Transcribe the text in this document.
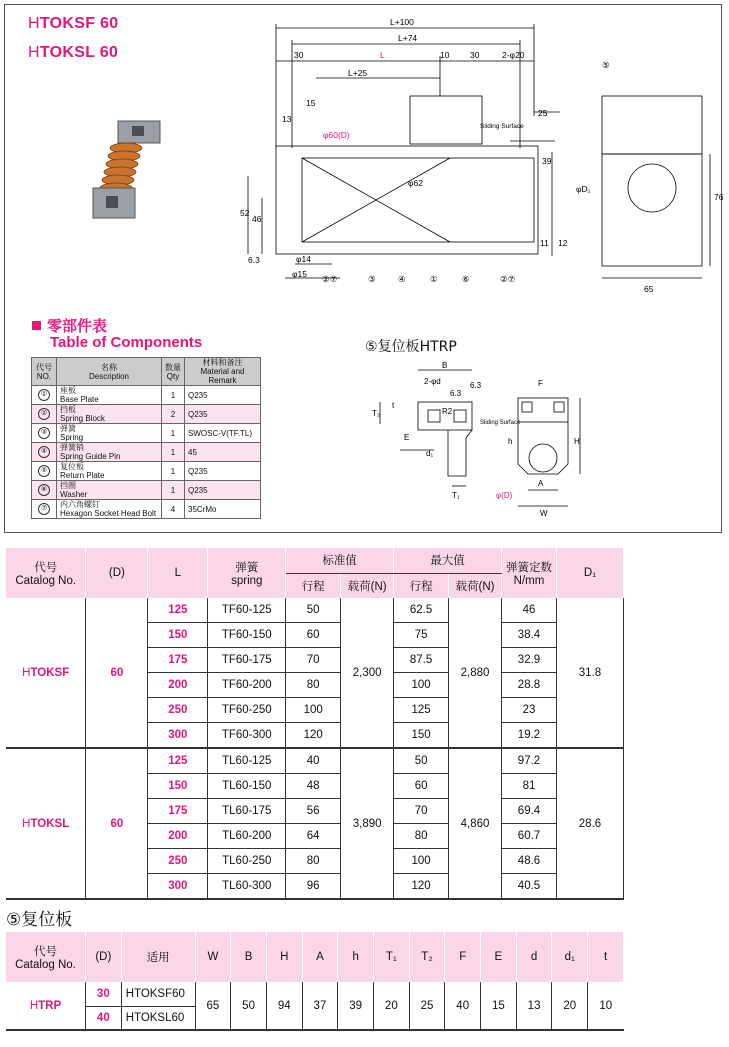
HTOKSF 60
HTOKSL 60
L+100
L+74
30	L	10 30	2-φ20
L+25
15
13
φ60(D)
φ62
25
39
52
46
11 12
6.3	φ14
φ15
Sliding Surface
②⑦	③	④	①	⑥	②⑦
⑤
76
65
φD₁
零部件表
Table of Components
代号
NO.	名称
Description	数量
Qty	材料和备注
Material and Remark
①	座板
Base Plate	1	Q235
②	挡板
Spring Block	2	Q235
③	弹簧
Spring	1	SWOSC-V(TF.TL)
④	弹簧销
Spring Guide Pin	1	45
⑤	复位板
Return Plate	1	Q235
⑥	挡圈
Washer	1	Q235
⑦	内六角螺钉
Hexagon Socket Head Bolt	4	35CrMo
⑤复位板HTRP
B
2-φd
6.3
6.3
R2
T₂
t
E
d₁
T₁
F
Sliding Surface
h	H
A
φ(D)
W
代号
Catalog No.	(D)	L	弹簧
spring	标准值		最大值		弹簧定数
N/mm	D₁
				行程	载荷(N)	行程	载荷(N)		
HTOKSF	60	125	TF60-125	50	2,300	62.5	2,880	46	31.8
		150	TF60-150	60		75		38.4	
		175	TF60-175	70		87.5		32.9	
		200	TF60-200	80		100		28.8	
		250	TF60-250	100		125		23	
		300	TF60-300	120		150		19.2	
HTOKSL	60	125	TL60-125	40	3,890	50	4,860	97.2	28.6
		150	TL60-150	48		60		81	
		175	TL60-175	56		70		69.4	
		200	TL60-200	64		80		60.7	
		250	TL60-250	80		100		48.6	
		300	TL60-300	96		120		40.5	
⑤复位板
代号
Catalog No.	(D)	适用	W	B	H	A	h	T₁	T₂	F	E	d	d₁	t
HTRP	30	HTOKSF60	65	50	94	37	39	20	25	40	15	13	20	10
	40	HTOKSL60												
